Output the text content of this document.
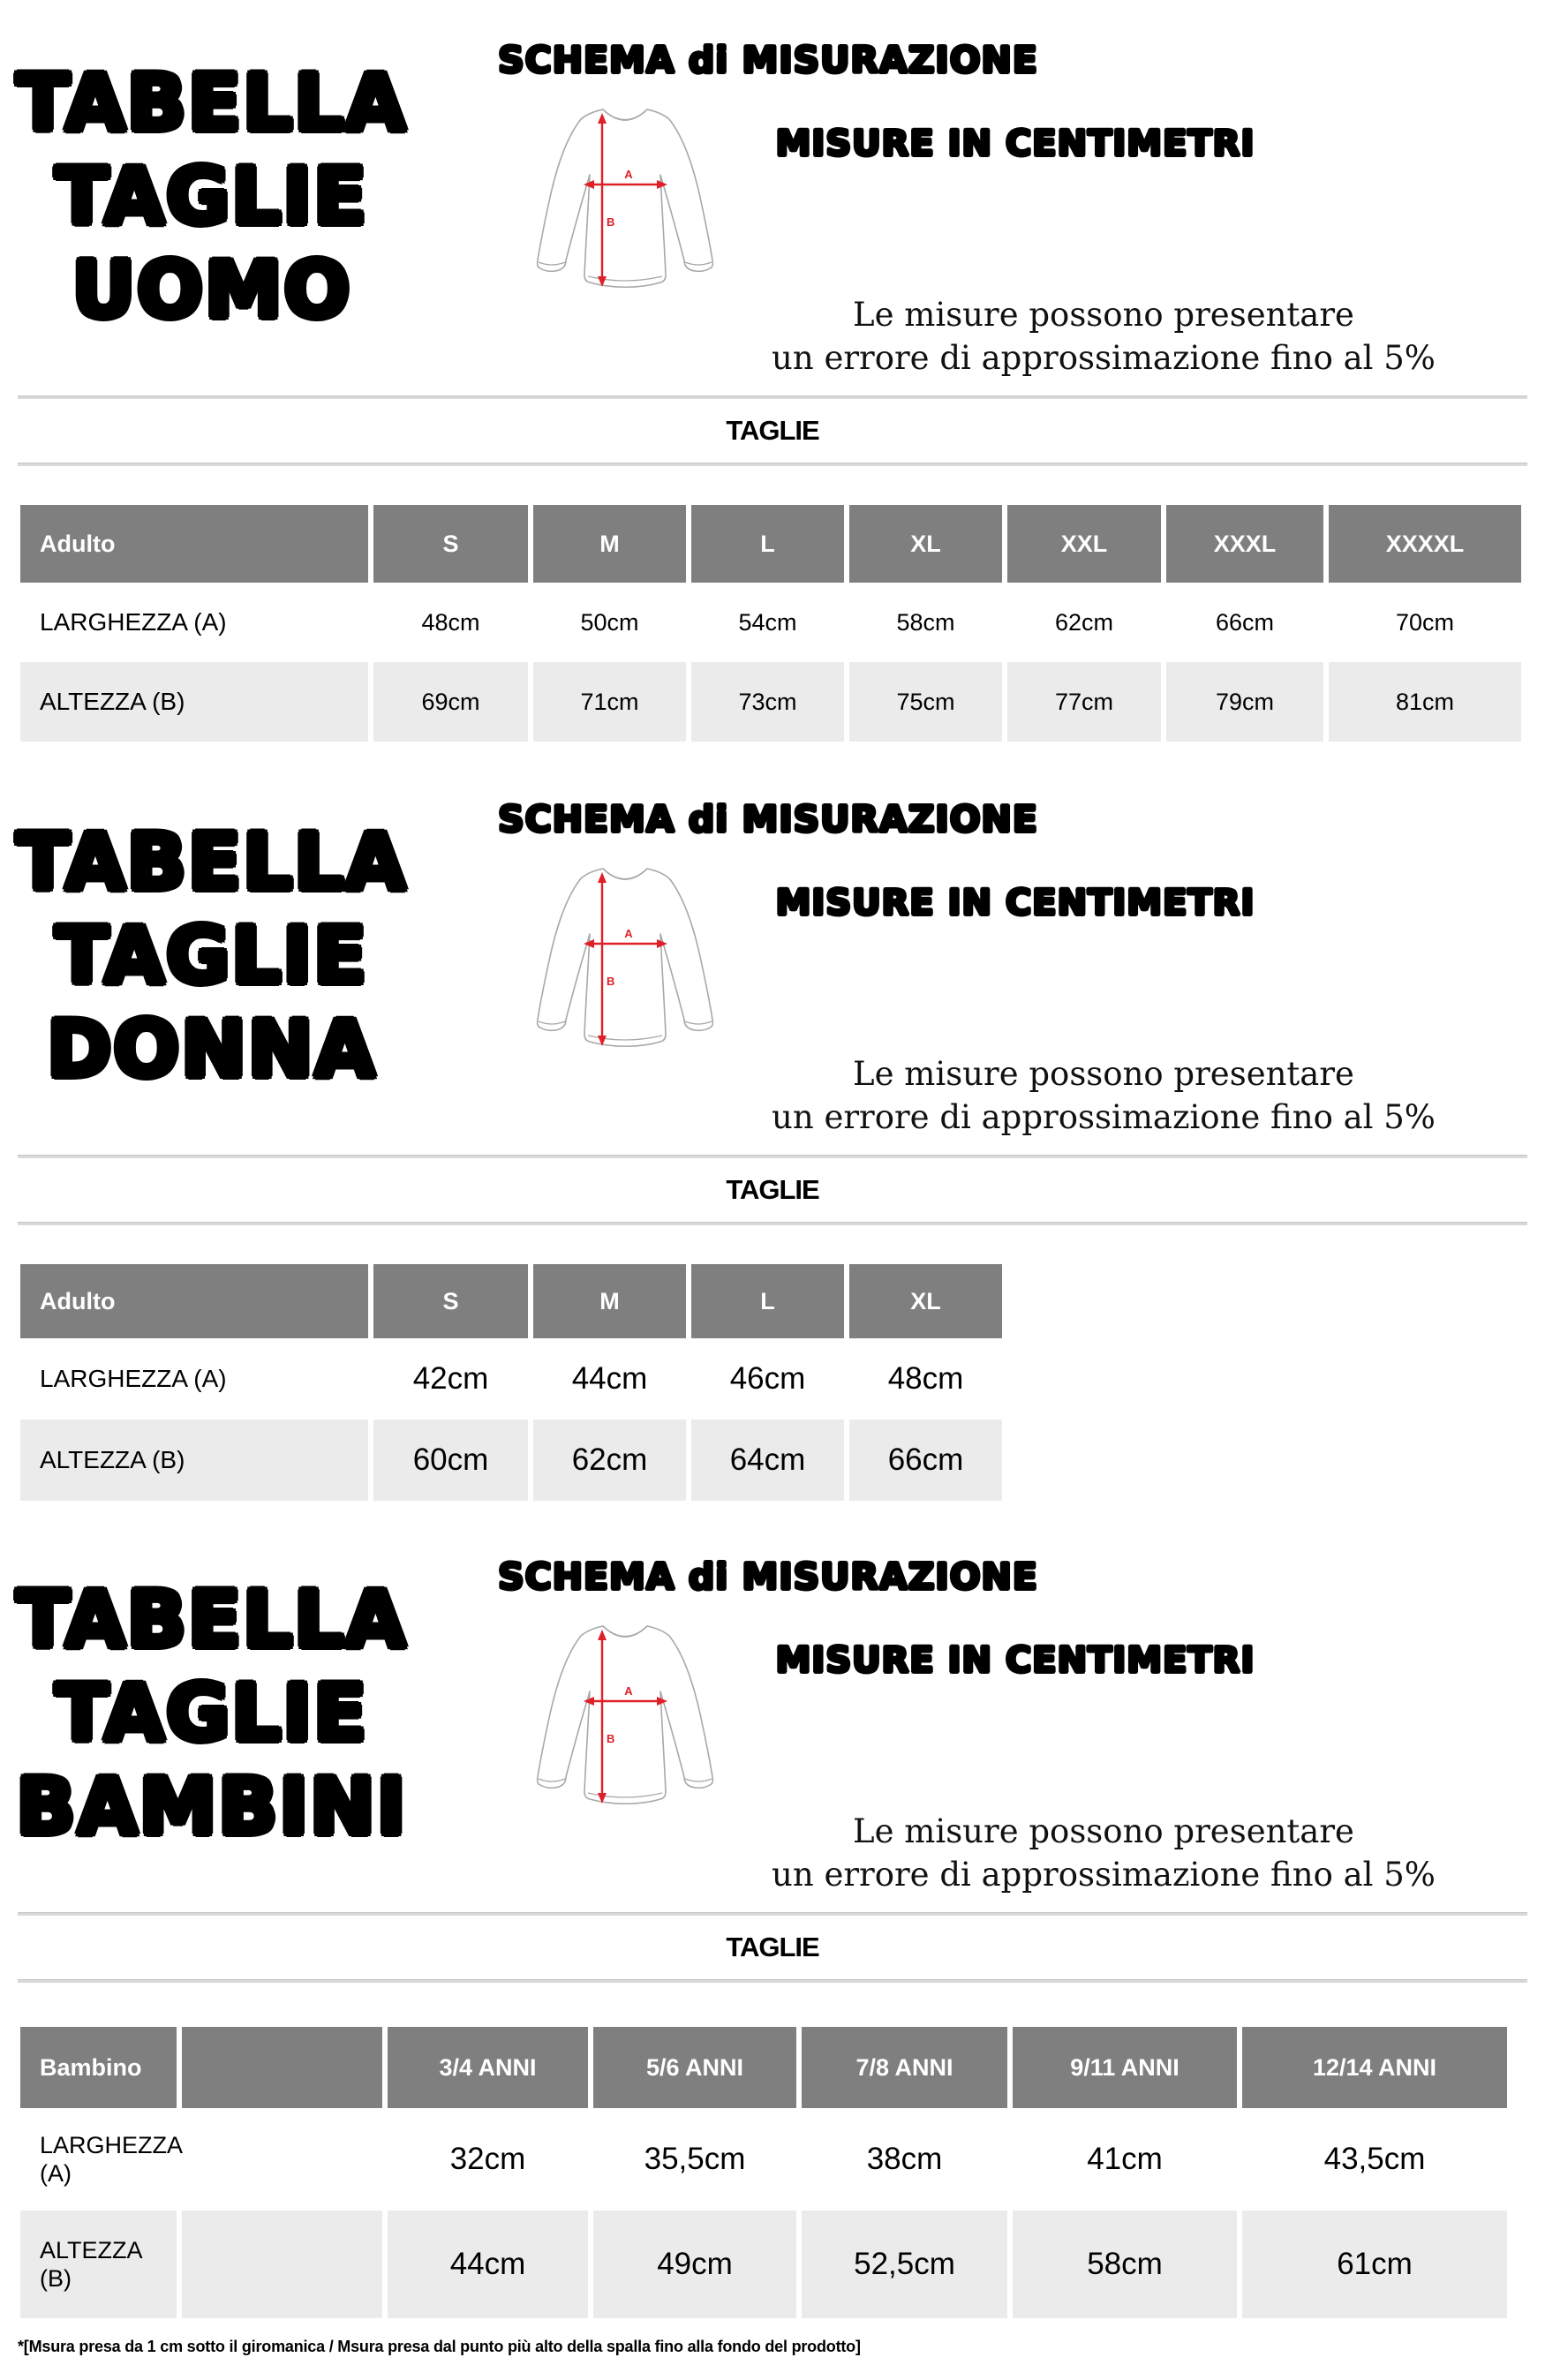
TABELLA
TAGLIE
UOMO
SCHEMA di MISURAZIONE
MISURE IN CENTIMETRI
Le misure possono presentare
un errore di approssimazione fino al 5%
TAGLIE
Adulto	S	M	L	XL	XXL	XXXL	XXXXL
LARGHEZZA (A)	48cm	50cm	54cm	58cm	62cm	66cm	70cm
ALTEZZA (B)	69cm	71cm	73cm	75cm	77cm	79cm	81cm
TABELLA
TAGLIE
DONNA
SCHEMA di MISURAZIONE
MISURE IN CENTIMETRI
Le misure possono presentare
un errore di approssimazione fino al 5%
TAGLIE
Adulto	S	M	L	XL
LARGHEZZA (A)	42cm	44cm	46cm	48cm
ALTEZZA (B)	60cm	62cm	64cm	66cm
TABELLA
TAGLIE
BAMBINI
SCHEMA di MISURAZIONE
MISURE IN CENTIMETRI
Le misure possono presentare
un errore di approssimazione fino al 5%
TAGLIE
Bambino	3/4 ANNI	5/6 ANNI	7/8 ANNI	9/11 ANNI	12/14 ANNI
LARGHEZZA
(A)	32cm	35,5cm	38cm	41cm	43,5cm
ALTEZZA
(B)	44cm	49cm	52,5cm	58cm	61cm
*[Msura presa da 1 cm sotto il giromanica / Msura presa dal punto più alto della spalla fino alla fondo del prodotto]
